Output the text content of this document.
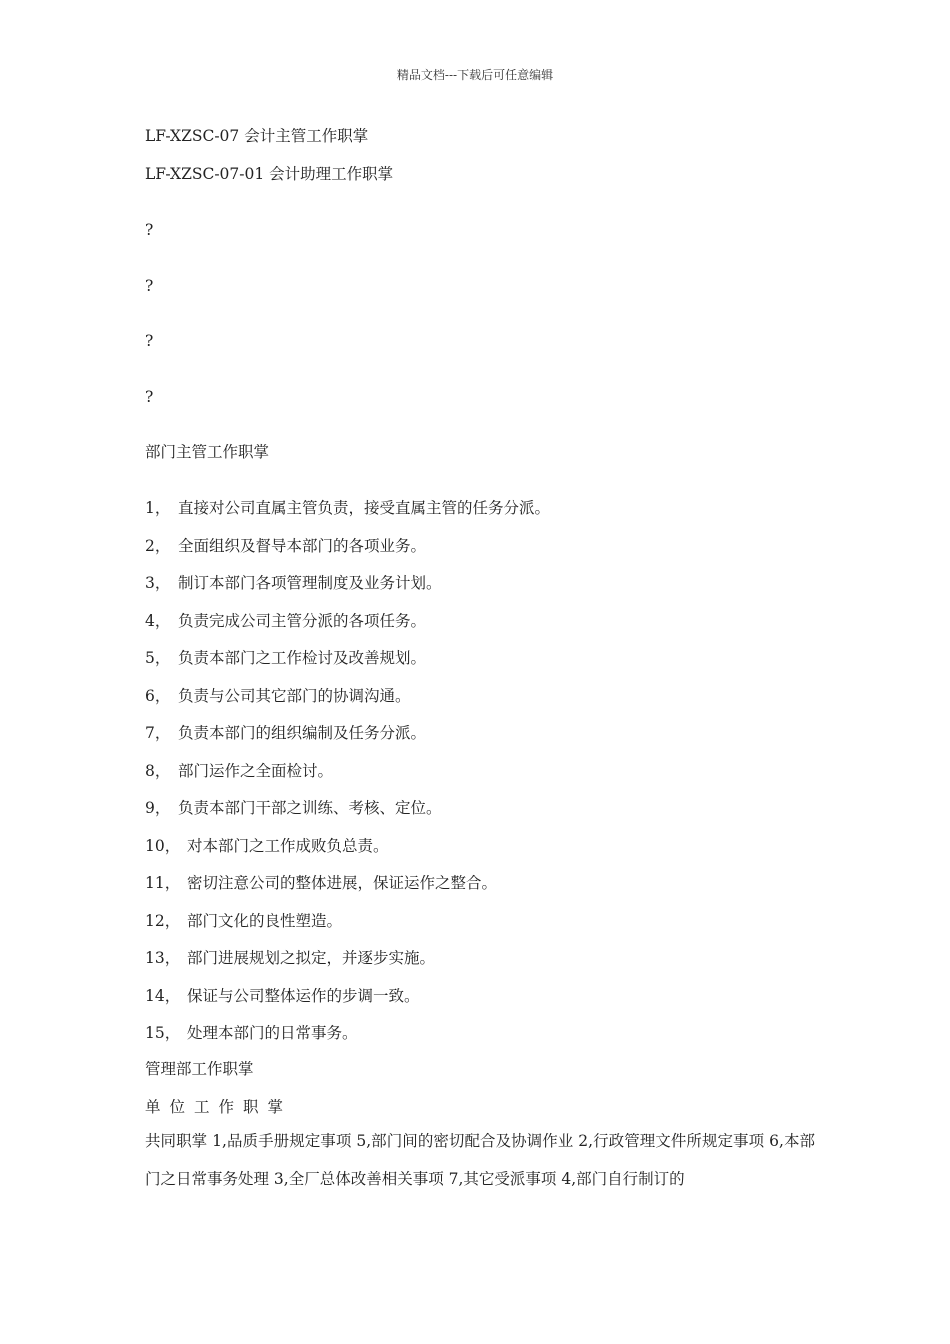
精品文档---下载后可任意编辑
LF-XZSC-07 会计主管工作职掌
LF-XZSC-07-01 会计助理工作职掌
?
?
?
?
部门主管工作职掌
1， 直接对公司直属主管负责，接受直属主管的任务分派。
2， 全面组织及督导本部门的各项业务。
3， 制订本部门各项管理制度及业务计划。
4， 负责完成公司主管分派的各项任务。
5， 负责本部门之工作检讨及改善规划。
6， 负责与公司其它部门的协调沟通。
7， 负责本部门的组织编制及任务分派。
8， 部门运作之全面检讨。
9， 负责本部门干部之训练、考核、定位。
10， 对本部门之工作成败负总责。
11， 密切注意公司的整体进展，保证运作之整合。
12， 部门文化的良性塑造。
13， 部门进展规划之拟定，并逐步实施。
14， 保证与公司整体运作的步调一致。
15， 处理本部门的日常事务。
管理部工作职掌
单位工作职掌
共同职掌 1,品质手册规定事项 5,部门间的密切配合及协调作业 2,行政管理文件所规定事项 6,本部门之日常事务处理 3,全厂总体改善相关事项 7,其它受派事项 4,部门自行制订的
